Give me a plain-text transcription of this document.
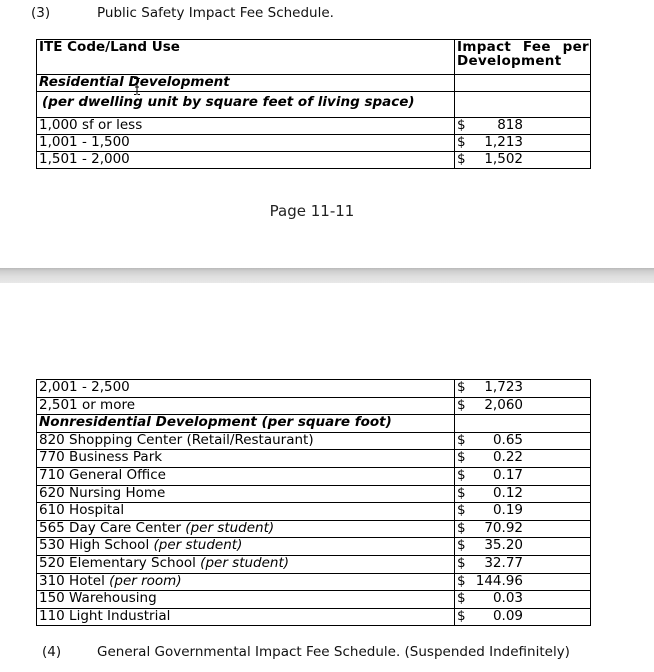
(3)	Public Safety Impact Fee Schedule.
ITE Code/Land Use	Impact Fee per
Development

Residential Development	
(per dwelling unit by square feet of living space)	
1,000 sf or less	$ 818

1,001 - 1,500	$ 1,213

1,501 - 2,000	$ 1,502
Page 11-11
2,001 - 2,500	$ 1,723

2,501 or more	$ 2,060

Nonresidential Development (per square foot)	
820 Shopping Center (Retail/Restaurant)	$ 0.65

770 Business Park	$ 0.22

710 General Office	$ 0.17

620 Nursing Home	$ 0.12

610 Hospital	$ 0.19

565 Day Care Center (per student)	$ 70.92

530 High School (per student)	$ 35.20

520 Elementary School (per student)	$ 32.77

310 Hotel (per room)	$ 144.96

150 Warehousing	$ 0.03

110 Light Industrial	$ 0.09
(4)	General Governmental Impact Fee Schedule. (Suspended Indefinitely)
